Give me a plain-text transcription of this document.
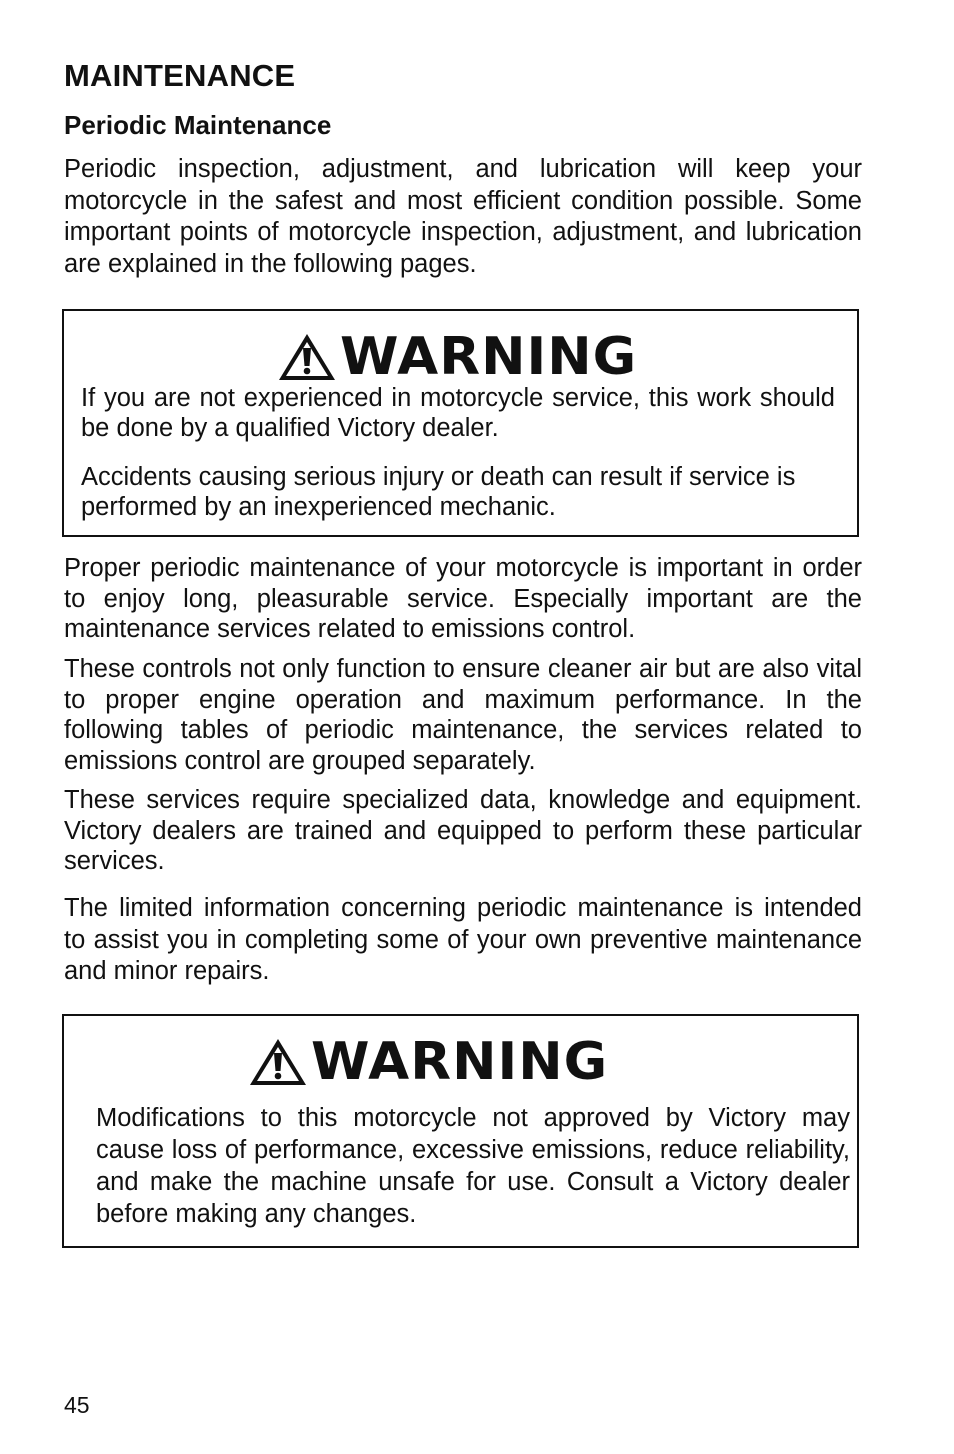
MAINTENANCE
Periodic Maintenance

Periodic inspection, adjustment, and lubrication will keep your motorcycle in the safest and most efficient condition possible. Some important points of motorcycle inspection, adjustment, and lubrication are explained in the following pages.

WARNING

If you are not experienced in motorcycle service, this work should be done by a qualified Victory dealer.

Accidents causing serious injury or death can result if service is performed by an inexperienced mechanic.

Proper periodic maintenance of your motorcycle is important in order to enjoy long, pleasurable service. Especially important are the maintenance services related to emissions control.

These controls not only function to ensure cleaner air but are also vital to proper engine operation and maximum performance. In the following tables of periodic maintenance, the services related to emissions control are grouped separately.

These services require specialized data, knowledge and equipment. Victory dealers are trained and equipped to perform these particular services.

The limited information concerning periodic maintenance is intended to assist you in completing some of your own preventive maintenance and minor repairs.

WARNING

Modifications to this motorcycle not approved by Victory may cause loss of performance, excessive emissions, reduce reliability, and make the machine unsafe for use. Consult a Victory dealer before making any changes.

45
